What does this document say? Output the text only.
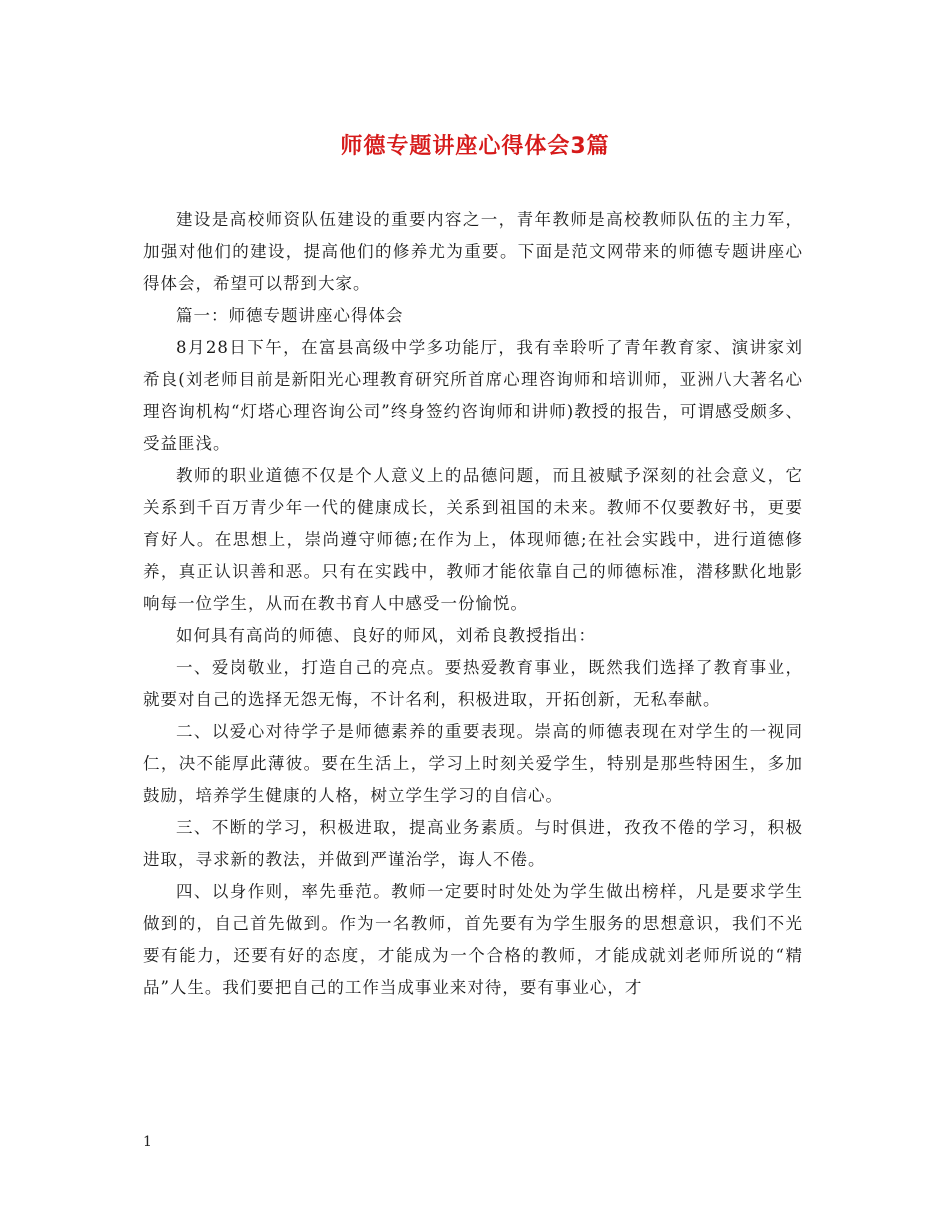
师德专题讲座心得体会3篇

建设是高校师资队伍建设的重要内容之一，青年教师是高校教师队伍的主力军，加强对他们的建设，提高他们的修养尤为重要。下面是范文网带来的师德专题讲座心得体会，希望可以帮到大家。

篇一：师德专题讲座心得体会

8月28日下午，在富县高级中学多功能厅，我有幸聆听了青年教育家、演讲家刘希良(刘老师目前是新阳光心理教育研究所首席心理咨询师和培训师，亚洲八大著名心理咨询机构“灯塔心理咨询公司”终身签约咨询师和讲师)教授的报告，可谓感受颇多、受益匪浅。

教师的职业道德不仅是个人意义上的品德问题，而且被赋予深刻的社会意义，它关系到千百万青少年一代的健康成长，关系到祖国的未来。教师不仅要教好书，更要育好人。在思想上，崇尚遵守师德;在作为上，体现师德;在社会实践中，进行道德修养，真正认识善和恶。只有在实践中，教师才能依靠自己的师德标准，潜移默化地影响每一位学生，从而在教书育人中感受一份愉悦。

如何具有高尚的师德、良好的师风，刘希良教授指出：

一、爱岗敬业，打造自己的亮点。要热爱教育事业，既然我们选择了教育事业，就要对自己的选择无怨无悔，不计名利，积极进取，开拓创新，无私奉献。

二、以爱心对待学子是师德素养的重要表现。崇高的师德表现在对学生的一视同仁，决不能厚此薄彼。要在生活上，学习上时刻关爱学生，特别是那些特困生，多加鼓励，培养学生健康的人格，树立学生学习的自信心。

三、不断的学习，积极进取，提高业务素质。与时俱进，孜孜不倦的学习，积极进取，寻求新的教法，并做到严谨治学，诲人不倦。

四、以身作则，率先垂范。教师一定要时时处处为学生做出榜样，凡是要求学生做到的，自己首先做到。作为一名教师，首先要有为学生服务的思想意识，我们不光要有能力，还要有好的态度，才能成为一个合格的教师，才能成就刘老师所说的“精品”人生。我们要把自己的工作当成事业来对待，要有事业心，才

1
